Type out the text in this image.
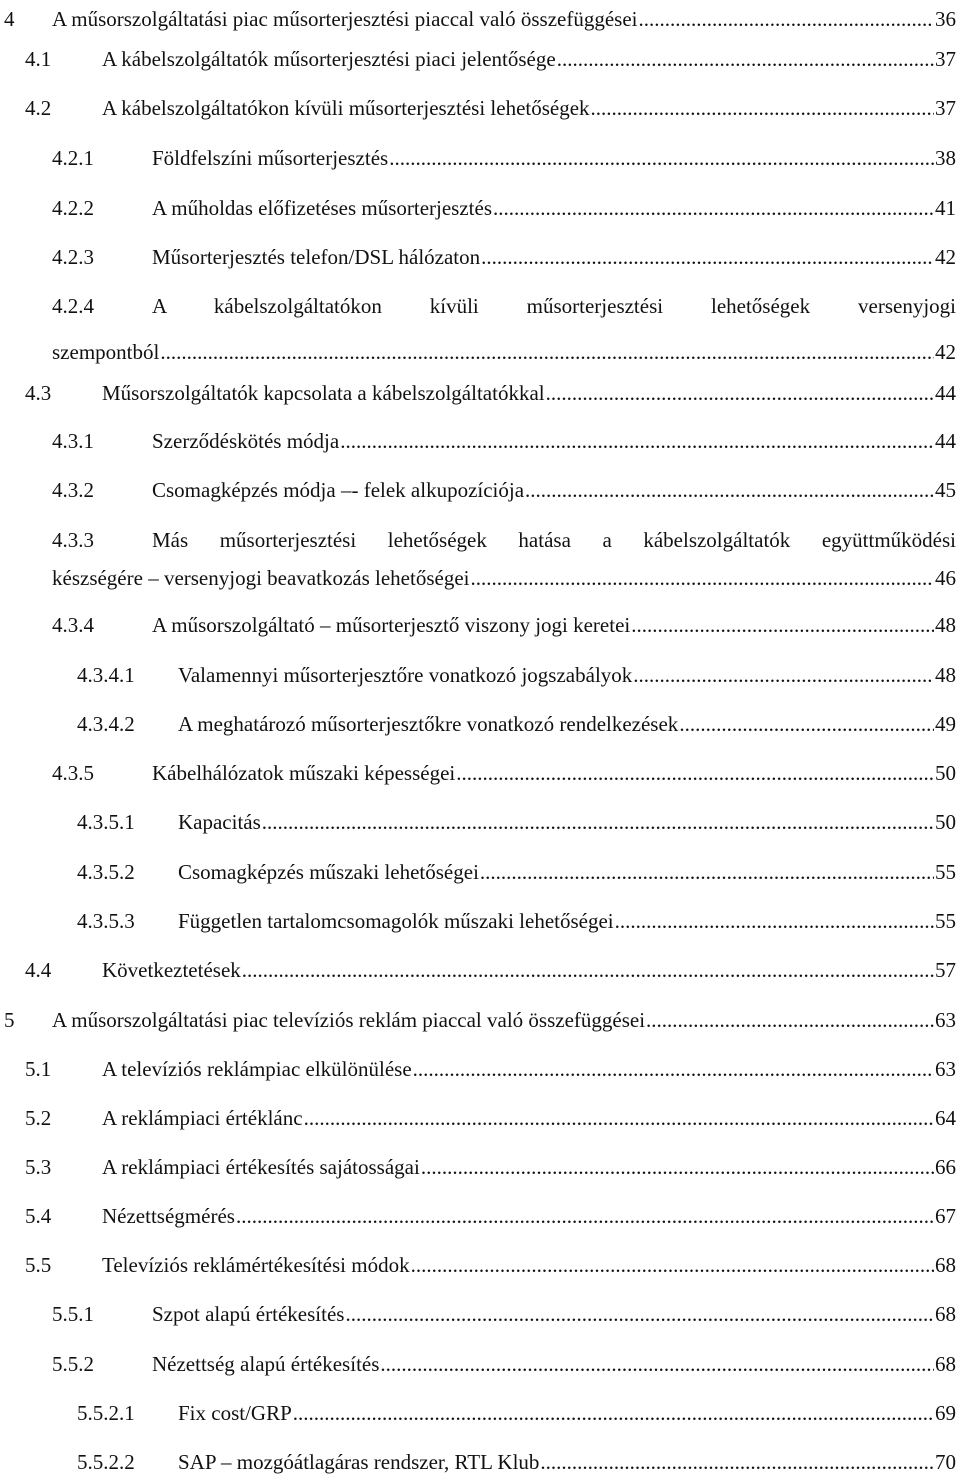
4 A műsorszolgáltatási piac műsorterjesztési piaccal való összefüggései .....	36
4.1 A kábelszolgáltatók műsorterjesztési piaci jelentősége .....	37
4.2 A kábelszolgáltatókon kívüli műsorterjesztési lehetőségek .....	37
4.2.1	Földfelszíni műsorterjesztés .....	38
4.2.2	A műholdas előfizetéses műsorterjesztés .....	41
4.2.3	Műsorterjesztés telefon/DSL hálózaton .....	42
4.2.4	A kábelszolgáltatókon kívüli műsorterjesztési lehetőségek versenyjogi
szempontból .....	42
4.3 Műsorszolgáltatók kapcsolata a kábelszolgáltatókkal .....	44
4.3.1	Szerződéskötés módja .....	44
4.3.2	Csomagképzés módja –- felek alkupozíciója .....	45
4.3.3	Más műsorterjesztési lehetőségek hatása a kábelszolgáltatók együttműködési
készségére – versenyjogi beavatkozás lehetőségei .....	46
4.3.4	A műsorszolgáltató – műsorterjesztő viszony jogi keretei .....	48
4.3.4.1 Valamennyi műsorterjesztőre vonatkozó jogszabályok .....	48
4.3.4.2 A meghatározó műsorterjesztőkre vonatkozó rendelkezések .....	49
4.3.5	Kábelhálózatok műszaki képességei .....	50
4.3.5.1 Kapacitás .....	50
4.3.5.2 Csomagképzés műszaki lehetőségei .....	55
4.3.5.3 Független tartalomcsomagolók műszaki lehetőségei .....	55
4.4 Következtetések .....	57
5 A műsorszolgáltatási piac televíziós reklám piaccal való összefüggései .....	63
5.1 A televíziós reklámpiac elkülönülése .....	63
5.2 A reklámpiaci értéklánc .....	64
5.3 A reklámpiaci értékesítés sajátosságai .....	66
5.4 Nézettségmérés .....	67
5.5 Televíziós reklámértékesítési módok .....	68
5.5.1	Szpot alapú értékesítés .....	68
5.5.2	Nézettség alapú értékesítés .....	68
5.5.2.1 Fix cost/GRP .....	69
5.5.2.2 SAP – mozgóátlagáras rendszer, RTL Klub .....	70
